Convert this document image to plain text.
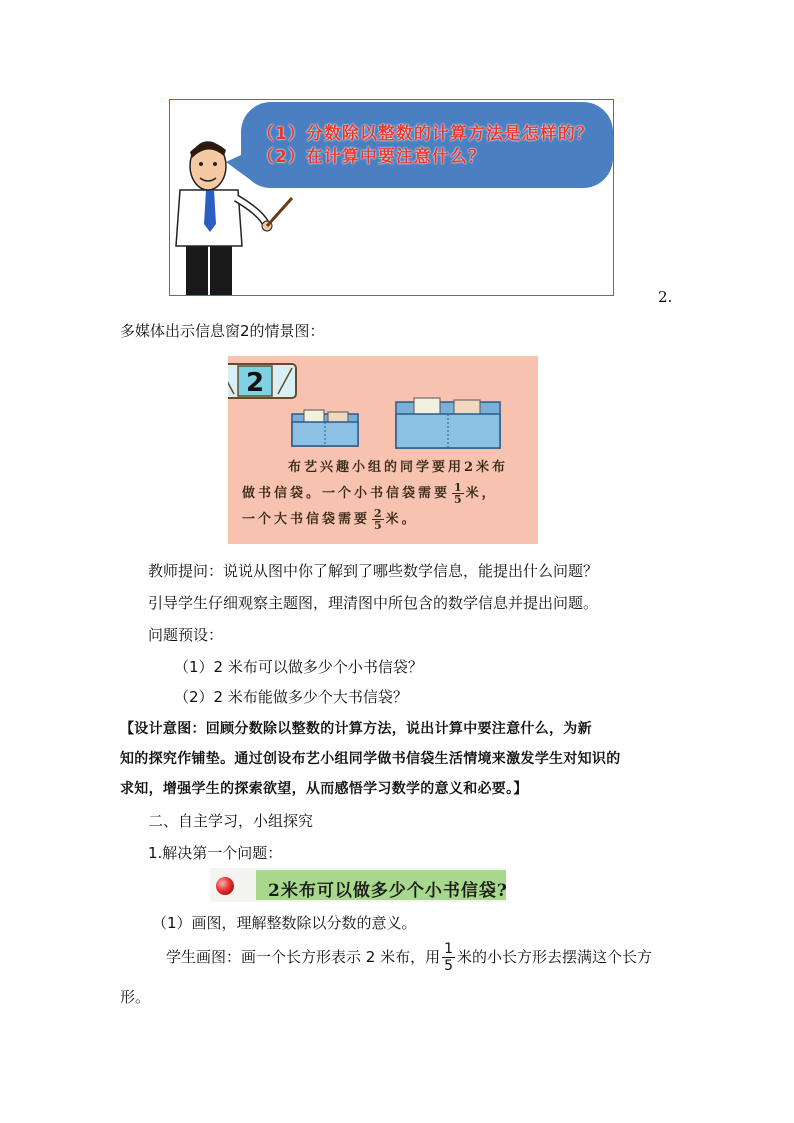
（1）分数除以整数的计算方法是怎样的？
（2）在计算中要注意什么？
2.
多媒体出示信息窗2的情景图：
2
布艺兴趣小组的同学要用2米布
做书信袋。一个小书信袋需要 $\frac{1}{5}$ 米，
一个大书信袋需要 $\frac{2}{5}$ 米。
教师提问：说说从图中你了解到了哪些数学信息，能提出什么问题？
引导学生仔细观察主题图，理清图中所包含的数学信息并提出问题。
问题预设：
（1）2 米布可以做多少个小书信袋？
（2）2 米布能做多少个大书信袋？
【设计意图：回顾分数除以整数的计算方法，说出计算中要注意什么，为新
知的探究作铺垫。通过创设布艺小组同学做书信袋生活情境来激发学生对知识的
求知，增强学生的探索欲望，从而感悟学习数学的意义和必要。】
二、自主学习，小组探究
1.解决第一个问题：
2米布可以做多少个小书信袋?
（1）画图，理解整数除以分数的意义。
学生画图：画一个长方形表示 2 米布，用 $\frac{1}{5}$ 米的小长方形去摆满这个长方
形。
